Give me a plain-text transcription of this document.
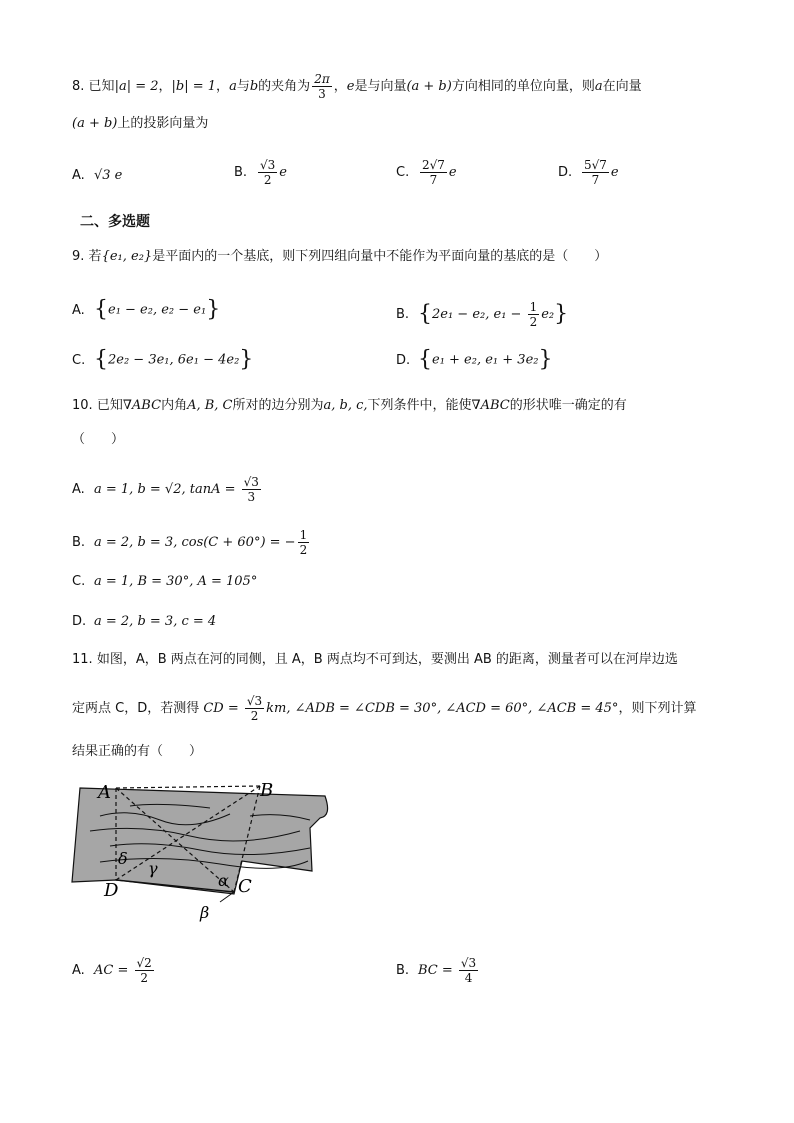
8. 已知|a| = 2，|b| = 1，a与b的夹角为 $\frac{2\pi}{3}$ ，e是与向量(a + b)方向相同的单位向量，则a在向量
(a + b)上的投影向量为
A. √3 e	B. $\frac{√3}{2}$ e	C. $\frac{2√7}{7}$ e	D. $\frac{5√7}{7}$ e
二、多选题
9. 若{e₁, e₂}是平面内的一个基底，则下列四组向量中不能作为平面向量的基底的是（　　）
A. {e₁ − e₂, e₂ − e₁}	B. {2e₁ − e₂, $e_1 - \frac{1}{2} e_2$}
C. {2e₂ − 3e₁, 6e₁ − 4e₂}	D. {e₁ + e₂, e₁ + 3e₂}
10. 已知∇ABC内角A, B, C所对的边分别为a, b, c,下列条件中，能使∇ABC的形状唯一确定的有
（　　）
A. a = 1, b = √2, $\tan A = \frac{√3}{3}$
B. a = 2, b = 3, cos(C + 60°) = − $\frac{1}{2}$
C. a = 1, B = 30°, A = 105°
D. a = 2, b = 3, c = 4
11. 如图，A，B 两点在河的同侧，且 A，B 两点均不可到达，要测出 AB 的距离，测量者可以在河岸边选
定两点 C，D，若测得 CD = $\frac{√3}{2}$ km, ∠ADB = ∠CDB = 30°, ∠ACD = 60°, ∠ACB = 45°，则下列计算
结果正确的有（　　）
A	B
C
D
δ
γ
α
β
A. AC = $\frac{√2}{2}$	B. BC = $\frac{√3}{4}$
